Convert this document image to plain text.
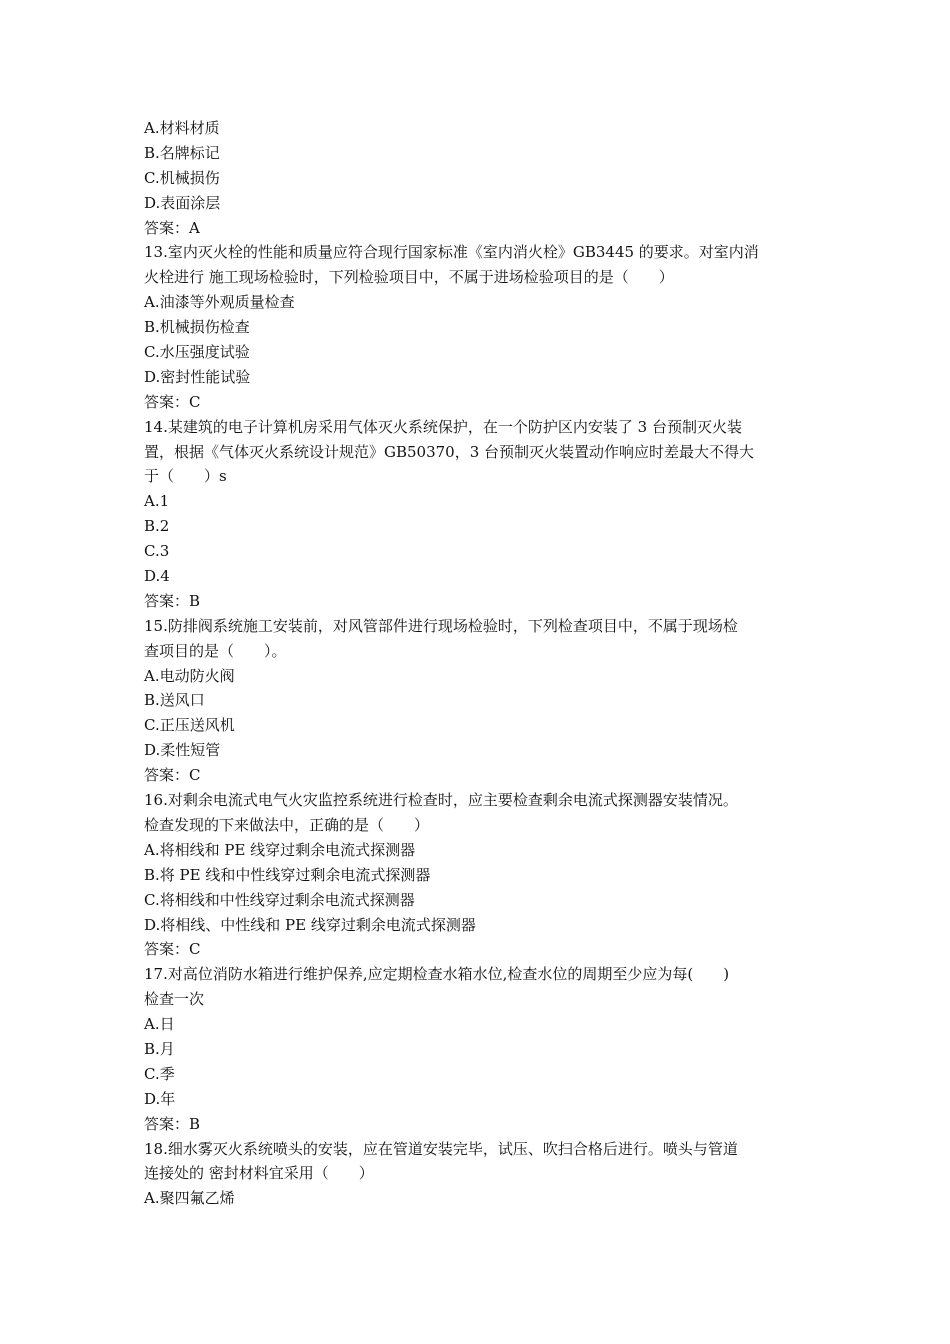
A.材料材质
B.名牌标记
C.机械损伤
D.表面涂层
答案：A
13.室内灭火栓的性能和质量应符合现行国家标准《室内消火栓》GB3445 的要求。对室内消
火栓进行 施工现场检验时，下列检验项目中，不属于进场检验项目的是（　　）
A.油漆等外观质量检查
B.机械损伤检查
C.水压强度试验
D.密封性能试验
答案：C
14.某建筑的电子计算机房采用气体灭火系统保护，在一个防护区内安装了 3 台预制灭火装
置，根据《气体灭火系统设计规范》GB50370，3 台预制灭火装置动作响应时差最大不得大
于（　　）s
A.1
B.2
C.3
D.4
答案：B
15.防排阀系统施工安装前，对风管部件进行现场检验时，下列检查项目中，不属于现场检
查项目的是（　　）。
A.电动防火阀
B.送风口
C.正压送风机
D.柔性短管
答案：C
16.对剩余电流式电气火灾监控系统进行检查时，应主要检查剩余电流式探测器安装情况。
检查发现的下来做法中，正确的是（　　）
A.将相线和 PE 线穿过剩余电流式探测器
B.将 PE 线和中性线穿过剩余电流式探测器
C.将相线和中性线穿过剩余电流式探测器
D.将相线、中性线和 PE 线穿过剩余电流式探测器
答案：C
17.对高位消防水箱进行维护保养,应定期检查水箱水位,检查水位的周期至少应为每(　　)
检查一次
A.日
B.月
C.季
D.年
答案：B
18.细水雾灭火系统喷头的安装，应在管道安装完毕，试压、吹扫合格后进行。喷头与管道
连接处的 密封材料宜采用（　　）
A.聚四氟乙烯
